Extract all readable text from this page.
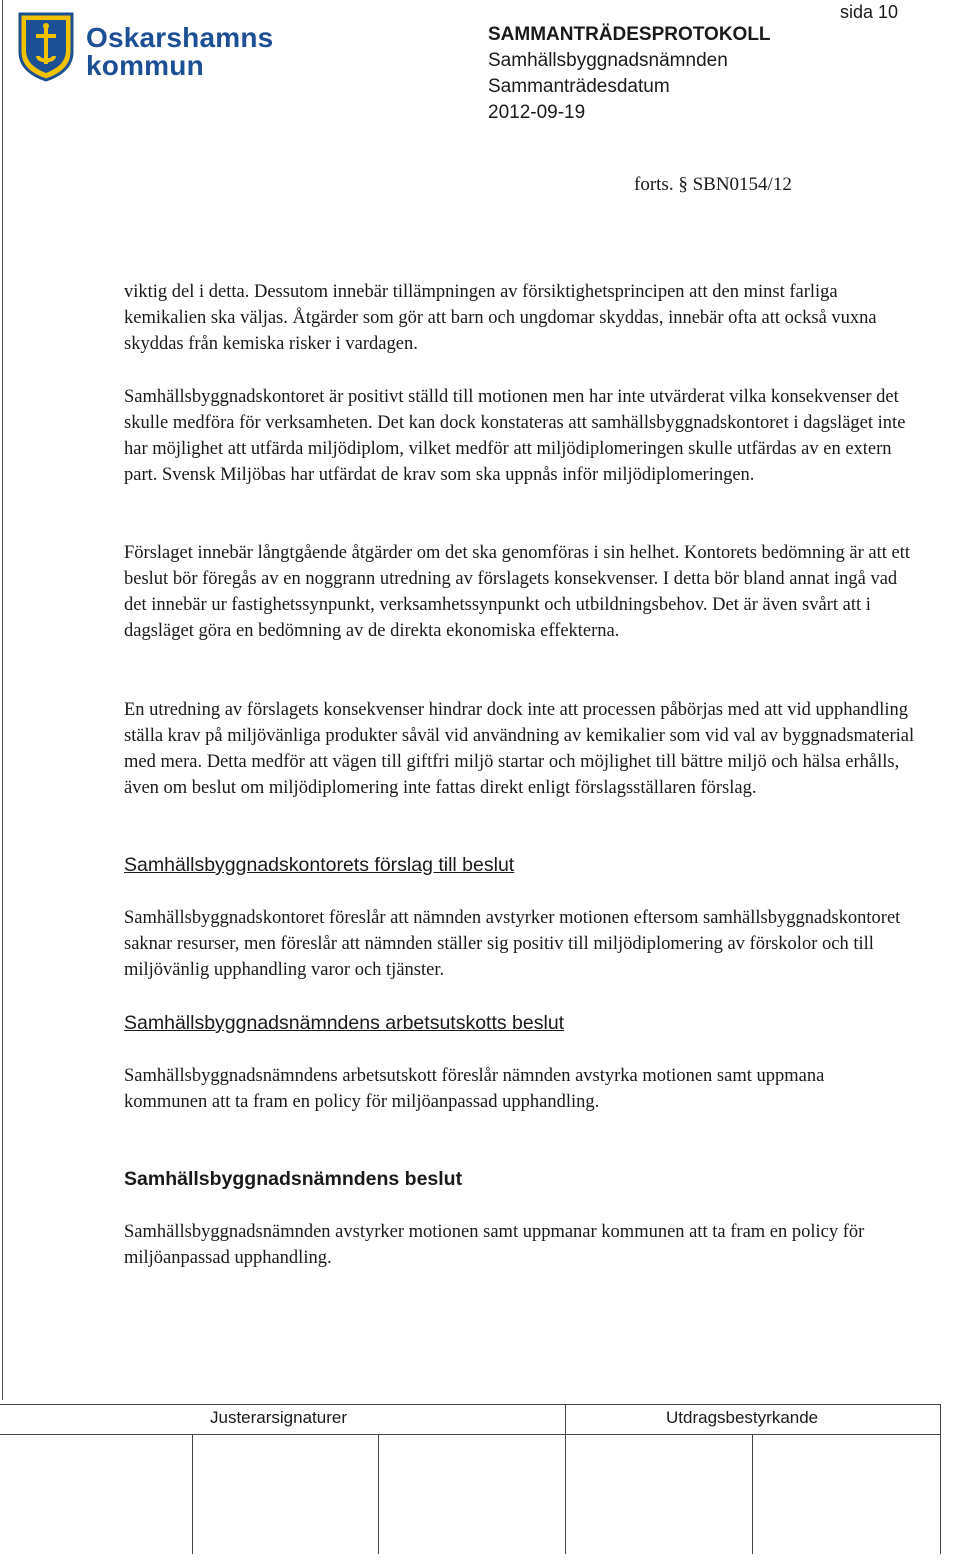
Oskarshamns
kommun
sida 10
SAMMANTRÄDESPROTOKOLL
Samhällsbyggnadsnämnden
Sammanträdesdatum
2012-09-19
forts. § SBN0154/12

viktig del i detta. Dessutom innebär tillämpningen av försiktighetsprincipen att den minst farliga kemikalien ska väljas. Åtgärder som gör att barn och ungdomar skyddas, innebär ofta att också vuxna skyddas från kemiska risker i vardagen.

Samhällsbyggnadskontoret är positivt ställd till motionen men har inte utvärderat vilka konsekvenser det skulle medföra för verksamheten. Det kan dock konstateras att samhällsbyggnadskontoret i dagsläget inte har möjlighet att utfärda miljödiplom, vilket medför att miljödiplomeringen skulle utfärdas av en extern part. Svensk Miljöbas har utfärdat de krav som ska uppnås inför miljödiplomeringen.

Förslaget innebär långtgående åtgärder om det ska genomföras i sin helhet. Kontorets bedömning är att ett beslut bör föregås av en noggrann utredning av förslagets konsekvenser. I detta bör bland annat ingå vad det innebär ur fastighetssynpunkt, verksamhetssynpunkt och utbildningsbehov. Det är även svårt att i dagsläget göra en bedömning av de direkta ekonomiska effekterna.

En utredning av förslagets konsekvenser hindrar dock inte att processen påbörjas med att vid upphandling ställa krav på miljövänliga produkter såväl vid användning av kemikalier som vid val av byggnadsmaterial med mera. Detta medför att vägen till giftfri miljö startar och möjlighet till bättre miljö och hälsa erhålls, även om beslut om miljödiplomering inte fattas direkt enligt förslagsställaren förslag.

Samhällsbyggnadskontorets förslag till beslut

Samhällsbyggnadskontoret föreslår att nämnden avstyrker motionen eftersom samhällsbyggnadskontoret saknar resurser, men föreslår att nämnden ställer sig positiv till miljödiplomering av förskolor och till miljövänlig upphandling varor och tjänster.

Samhällsbyggnadsnämndens arbetsutskotts beslut

Samhällsbyggnadsnämndens arbetsutskott föreslår nämnden avstyrka motionen samt uppmana kommunen att ta fram en policy för miljöanpassad upphandling.

Samhällsbyggnadsnämndens beslut

Samhällsbyggnadsnämnden avstyrker motionen samt uppmanar kommunen att ta fram en policy för miljöanpassad upphandling.

Justerarsignaturer	Utdragsbestyrkande
